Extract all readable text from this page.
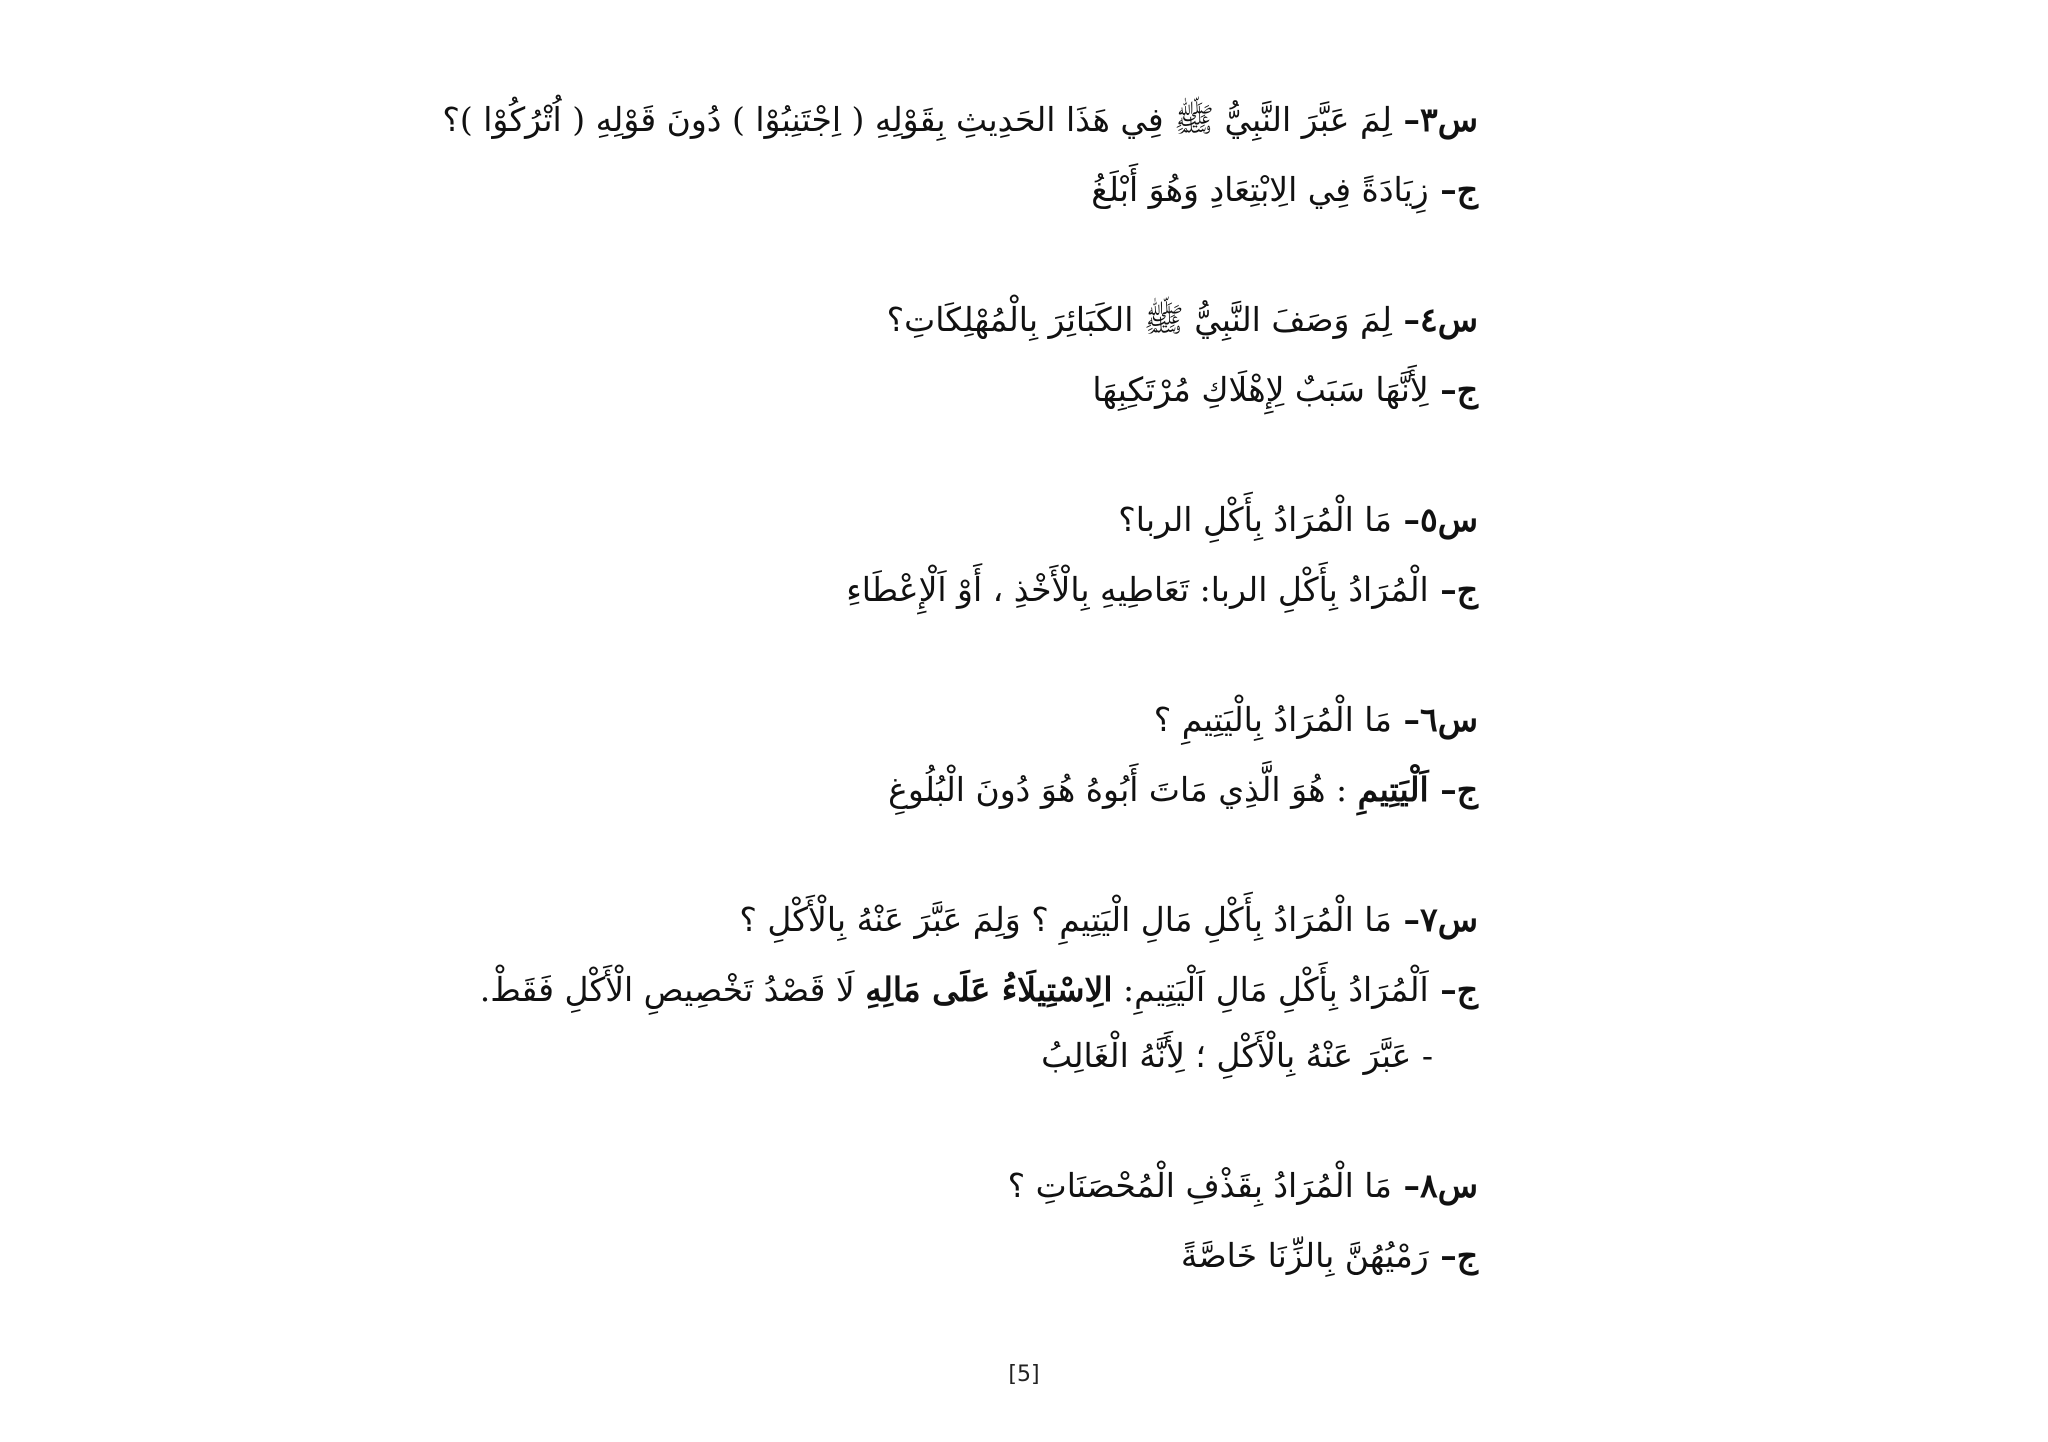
س٣– لِمَ عَبَّرَ النَّبِيُّ ﷺ فِي هَذَا الحَدِيثِ بِقَوْلِهِ ( اِجْتَنِبُوْا ) دُونَ قَوْلِهِ ( اُتْرُكُوْا )؟
ج– زِيَادَةً فِي الِابْتِعَادِ وَهُوَ أَبْلَغُ
س٤– لِمَ وَصَفَ النَّبِيُّ ﷺ الكَبَائِرَ بِالْمُهْلِكَاتِ؟
ج– لِأَنَّهَا سَبَبٌ لِإِهْلَاكِ مُرْتَكِبِهَا
س٥– مَا الْمُرَادُ بِأَكْلِ الربا؟
ج– الْمُرَادُ بِأَكْلِ الربا: تَعَاطِيهِ بِالْأَخْذِ ، أَوْ اَلْإِعْطَاءِ
س٦– مَا الْمُرَادُ بِالْيَتِيمِ ؟
ج– اَلْيَتِيمِ : هُوَ الَّذِي مَاتَ أَبُوهُ هُوَ دُونَ الْبُلُوغِ
س٧– مَا الْمُرَادُ بِأَكْلِ مَالِ الْيَتِيمِ ؟ وَلِمَ عَبَّرَ عَنْهُ بِالْأَكْلِ ؟
ج– اَلْمُرَادُ بِأَكْلِ مَالِ اَلْيَتِيمِ: الِاسْتِيلَاءُ عَلَى مَالِهِ لَا قَصْدُ تَخْصِيصِ الْأَكْلِ فَقَطْ.
- عَبَّرَ عَنْهُ بِالْأَكْلِ ؛ لِأَنَّهُ الْغَالِبُ
س٨– مَا الْمُرَادُ بِقَذْفِ الْمُحْصَنَاتِ ؟
ج– رَمْيُهُنَّ بِالزِّنَا خَاصَّةً
[5]
